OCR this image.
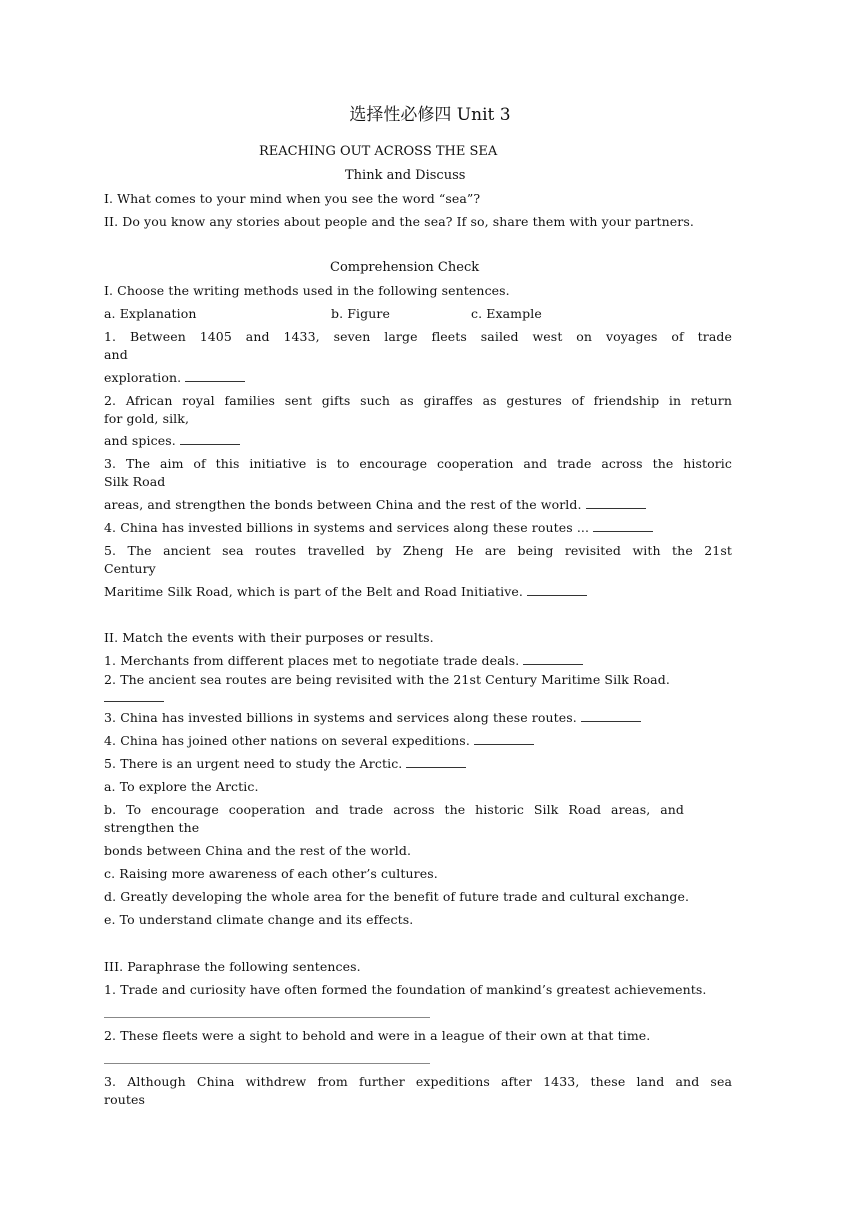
选择性必修四 Unit 3
REACHING OUT ACROSS THE SEA
Think and Discuss
I. What comes to your mind when you see the word “sea”?
II. Do you know any stories about people and the sea? If so, share them with your partners.
Comprehension Check
I. Choose the writing methods used in the following sentences.
a. Explanation	b. Figure	c. Example
1. Between 1405 and 1433, seven large fleets sailed west on voyages of trade
and
exploration.
2. African royal families sent gifts such as giraffes as gestures of friendship in return
for gold, silk,
and spices.
3. The aim of this initiative is to encourage cooperation and trade across the historic
Silk Road
areas, and strengthen the bonds between China and the rest of the world.
4. China has invested billions in systems and services along these routes ...
5. The ancient sea routes travelled by Zheng He are being revisited with the 21st
Century
Maritime Silk Road, which is part of the Belt and Road Initiative.
II. Match the events with their purposes or results.
1. Merchants from different places met to negotiate trade deals.
2. The ancient sea routes are being revisited with the 21st Century Maritime Silk Road.
3. China has invested billions in systems and services along these routes.
4. China has joined other nations on several expeditions.
5. There is an urgent need to study the Arctic.
a. To explore the Arctic.
b. To encourage cooperation and trade across the historic Silk Road areas, and
strengthen the
bonds between China and the rest of the world.
c. Raising more awareness of each other’s cultures.
d. Greatly developing the whole area for the benefit of future trade and cultural exchange.
e. To understand climate change and its effects.
III. Paraphrase the following sentences.
1. Trade and curiosity have often formed the foundation of mankind’s greatest achievements.
2. These fleets were a sight to behold and were in a league of their own at that time.
3. Although China withdrew from further expeditions after 1433, these land and sea
routes
